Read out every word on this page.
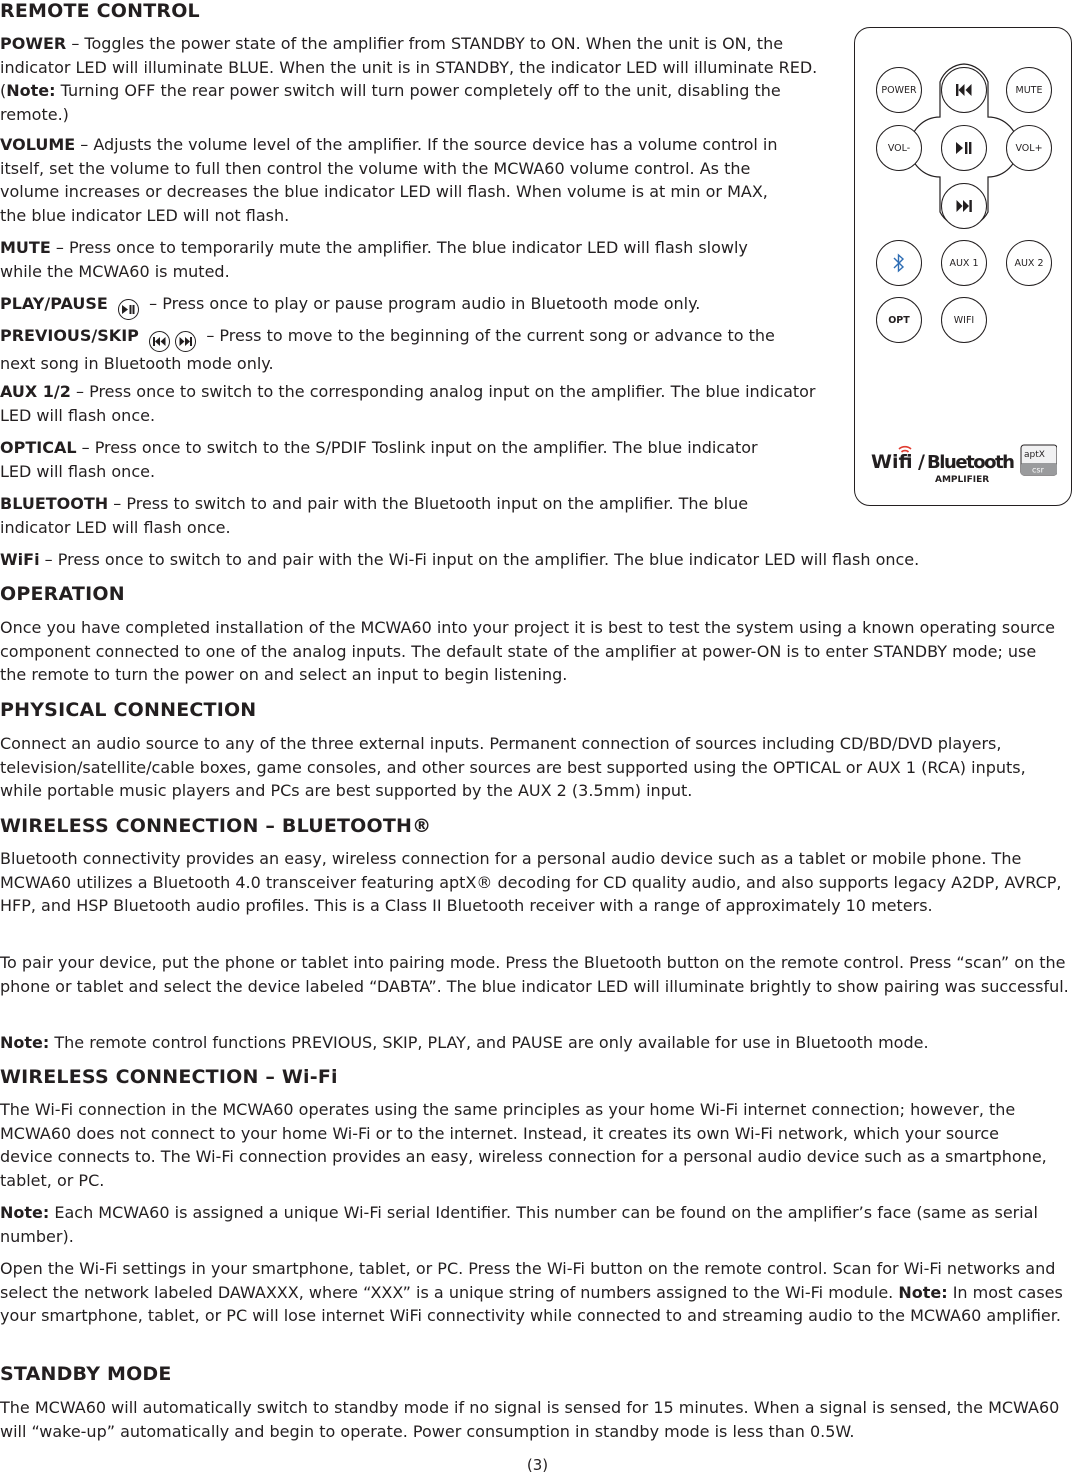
REMOTE CONTROL

POWER – Toggles the power state of the amplifier from STANDBY to ON. When the unit is ON, the indicator LED will illuminate BLUE. When the unit is in STANDBY, the indicator LED will illuminate RED. (Note: Turning OFF the rear power switch will turn power completely off to the unit, disabling the remote.)

VOLUME – Adjusts the volume level of the amplifier. If the source device has a volume control in itself, set the volume to full then control the volume with the MCWA60 volume control. As the volume increases or decreases the blue indicator LED will flash. When volume is at min or MAX, the blue indicator LED will not flash.

MUTE – Press once to temporarily mute the amplifier. The blue indicator LED will flash slowly while the MCWA60 is muted.

PLAY/PAUSE
– Press once to play or pause program audio in Bluetooth mode only.

PREVIOUS/SKIP
	– Press to move to the beginning of the current song or advance to the next song in Bluetooth mode only.

AUX 1/2 – Press once to switch to the corresponding analog input on the amplifier. The blue indicator LED will flash once.

OPTICAL – Press once to switch to the S/PDIF Toslink input on the amplifier. The blue indicator LED will flash once.

BLUETOOTH – Press to switch to and pair with the Bluetooth input on the amplifier. The blue indicator LED will flash once.

POWER	MUTE
VOL-	VOL+
AUX 1	AUX 2
OPT	WIFI
Wifi / Bluetooth
AMPLIFIER
aptX
csr

WiFi – Press once to switch to and pair with the Wi-Fi input on the amplifier. The blue indicator LED will flash once.

OPERATION

Once you have completed installation of the MCWA60 into your project it is best to test the system using a known operating source component connected to one of the analog inputs. The default state of the amplifier at power-ON is to enter STANDBY mode; use the remote to turn the power on and select an input to begin listening.

PHYSICAL CONNECTION

Connect an audio source to any of the three external inputs. Permanent connection of sources including CD/BD/DVD players, television/satellite/cable boxes, game consoles, and other sources are best supported using the OPTICAL or AUX 1 (RCA) inputs, while portable music players and PCs are best supported by the AUX 2 (3.5mm) input.

WIRELESS CONNECTION – BLUETOOTH®

Bluetooth connectivity provides an easy, wireless connection for a personal audio device such as a tablet or mobile phone. The MCWA60 utilizes a Bluetooth 4.0 transceiver featuring aptX® decoding for CD quality audio, and also supports legacy A2DP, AVRCP, HFP, and HSP Bluetooth audio profiles. This is a Class II Bluetooth receiver with a range of approximately 10 meters.

To pair your device, put the phone or tablet into pairing mode. Press the Bluetooth button on the remote control. Press “scan” on the phone or tablet and select the device labeled “DABTA”. The blue indicator LED will illuminate brightly to show pairing was successful.

Note: The remote control functions PREVIOUS, SKIP, PLAY, and PAUSE are only available for use in Bluetooth mode.

WIRELESS CONNECTION – Wi-Fi

The Wi-Fi connection in the MCWA60 operates using the same principles as your home Wi-Fi internet connection; however, the MCWA60 does not connect to your home Wi-Fi or to the internet. Instead, it creates its own Wi-Fi network, which your source device connects to. The Wi-Fi connection provides an easy, wireless connection for a personal audio device such as a smartphone, tablet, or PC.

Note: Each MCWA60 is assigned a unique Wi-Fi serial Identifier. This number can be found on the amplifier’s face (same as serial number).

Open the Wi-Fi settings in your smartphone, tablet, or PC. Press the Wi-Fi button on the remote control. Scan for Wi-Fi networks and select the network labeled DAWAXXX, where “XXX” is a unique string of numbers assigned to the Wi-Fi module. Note: In most cases your smartphone, tablet, or PC will lose internet WiFi connectivity while connected to and streaming audio to the MCWA60 amplifier.

STANDBY MODE

The MCWA60 will automatically switch to standby mode if no signal is sensed for 15 minutes. When a signal is sensed, the MCWA60 will “wake-up” automatically and begin to operate. Power consumption in standby mode is less than 0.5W.

(3)
